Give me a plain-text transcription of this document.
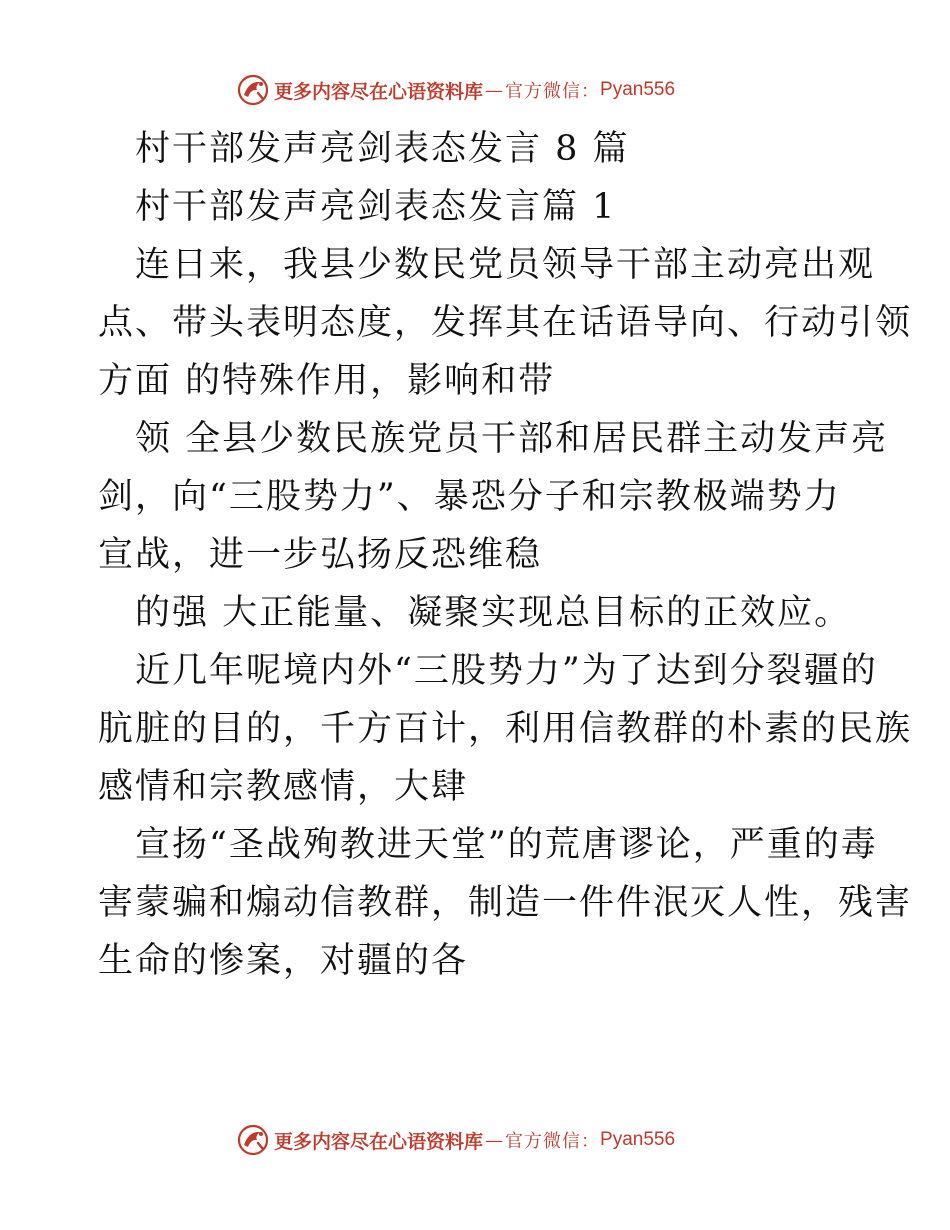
更多内容尽在心语资料库 — 官方微信： Pyan556

村干部发声亮剑表态发言 8 篇

村干部发声亮剑表态发言篇 1

连日来，我县少数民党员领导干部主动亮出观

点、带头表明态度，发挥其在话语导向、行动引领

方面 的特殊作用，影响和带

领 全县少数民族党员干部和居民群主动发声亮

剑，向“三股势力”、暴恐分子和宗教极端势力

宣战，进一步弘扬反恐维稳

的强 大正能量、凝聚实现总目标的正效应。

近几年呢境内外“三股势力”为了达到分裂疆的

肮脏的目的，千方百计，利用信教群的朴素的民族

感情和宗教感情，大肆

宣扬“圣战殉教进天堂”的荒唐谬论，严重的毒

害蒙骗和煽动信教群，制造一件件泯灭人性，残害

生命的惨案，对疆的各

更多内容尽在心语资料库 — 官方微信： Pyan556
